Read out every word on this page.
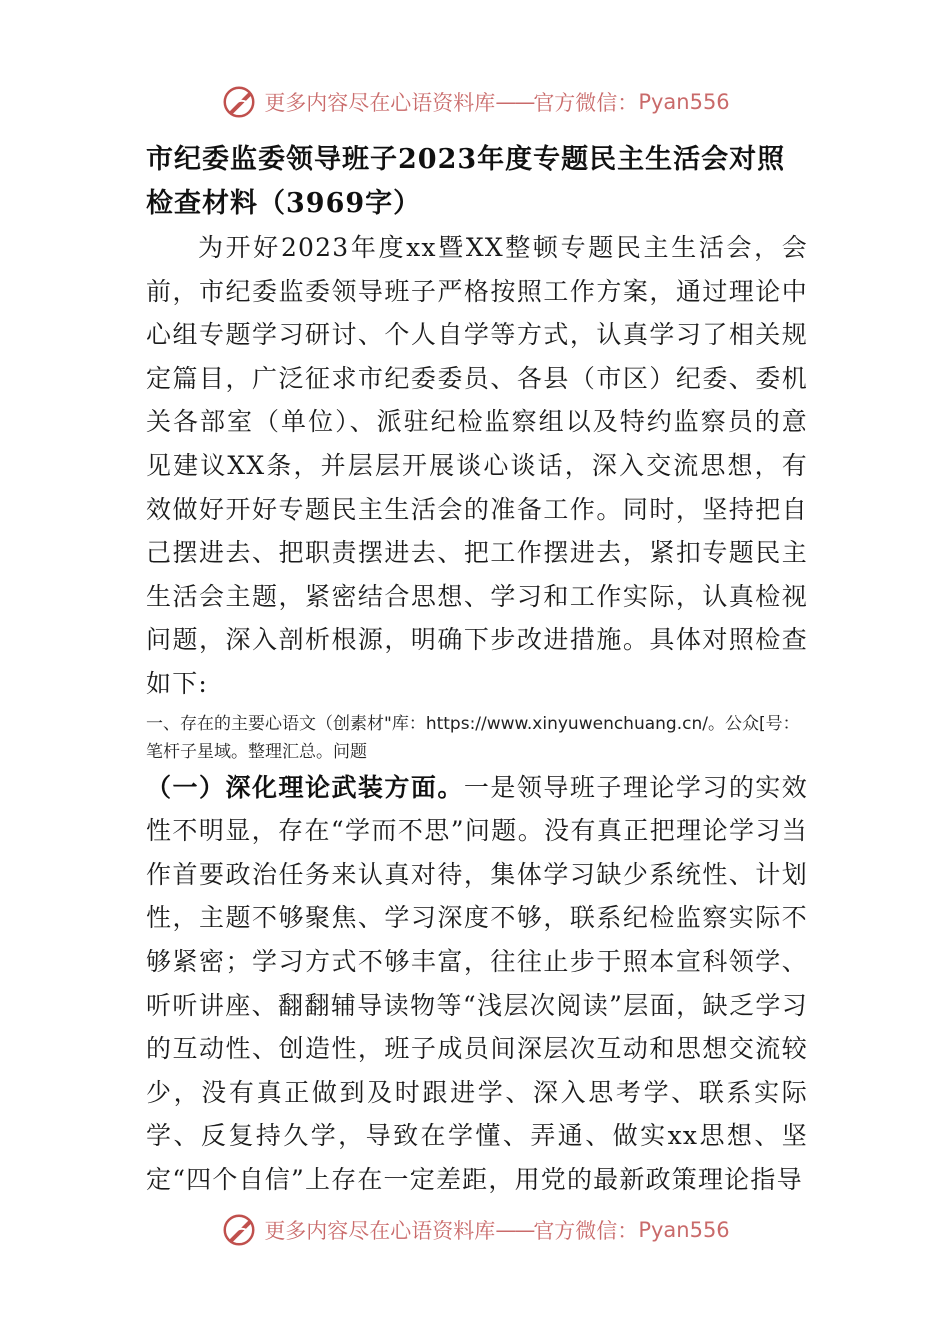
更多内容尽在心语资料库 —— 官方微信： Pyan556
市纪委监委领导班子2023年度专题民主生活会对照检查材料（3969字）

为开好2023年度xx暨XX整顿专题民主生活会，会前，市纪委监委领导班子严格按照工作方案，通过理论中心组专题学习研讨、个人自学等方式，认真学习了相关规定篇目，广泛征求市纪委委员、各县（市区）纪委、委机关各部室（单位）、派驻纪检监察组以及特约监察员的意见建议XX条，并层层开展谈心谈话，深入交流思想，有效做好开好专题民主生活会的准备工作。同时，坚持把自己摆进去、把职责摆进去、把工作摆进去，紧扣专题民主生活会主题，紧密结合思想、学习和工作实际，认真检视问题，深入剖析根源，明确下步改进措施。具体对照检查如下:

一、存在的主要心语文（创素材"库：https://www.xinyuwenchuang.cn/。公众[号：笔杆子星域。整理汇总。问题

（一）深化理论武装方面。一是领导班子理论学习的实效性不明显，存在“学而不思”问题。没有真正把理论学习当作首要政治任务来认真对待，集体学习缺少系统性、计划性，主题不够聚焦、学习深度不够，联系纪检监察实际不够紧密；学习方式不够丰富，往往止步于照本宣科领学、听听讲座、翻翻辅导读物等“浅层次阅读”层面，缺乏学习的互动性、创造性，班子成员间深层次互动和思想交流较少，没有真正做到及时跟进学、深入思考学、联系实际学、反复持久学，导致在学懂、弄通、做实xx思想、坚定“四个自信”上存在一定差距，用党的最新政策理论指导

更多内容尽在心语资料库 —— 官方微信： Pyan556
